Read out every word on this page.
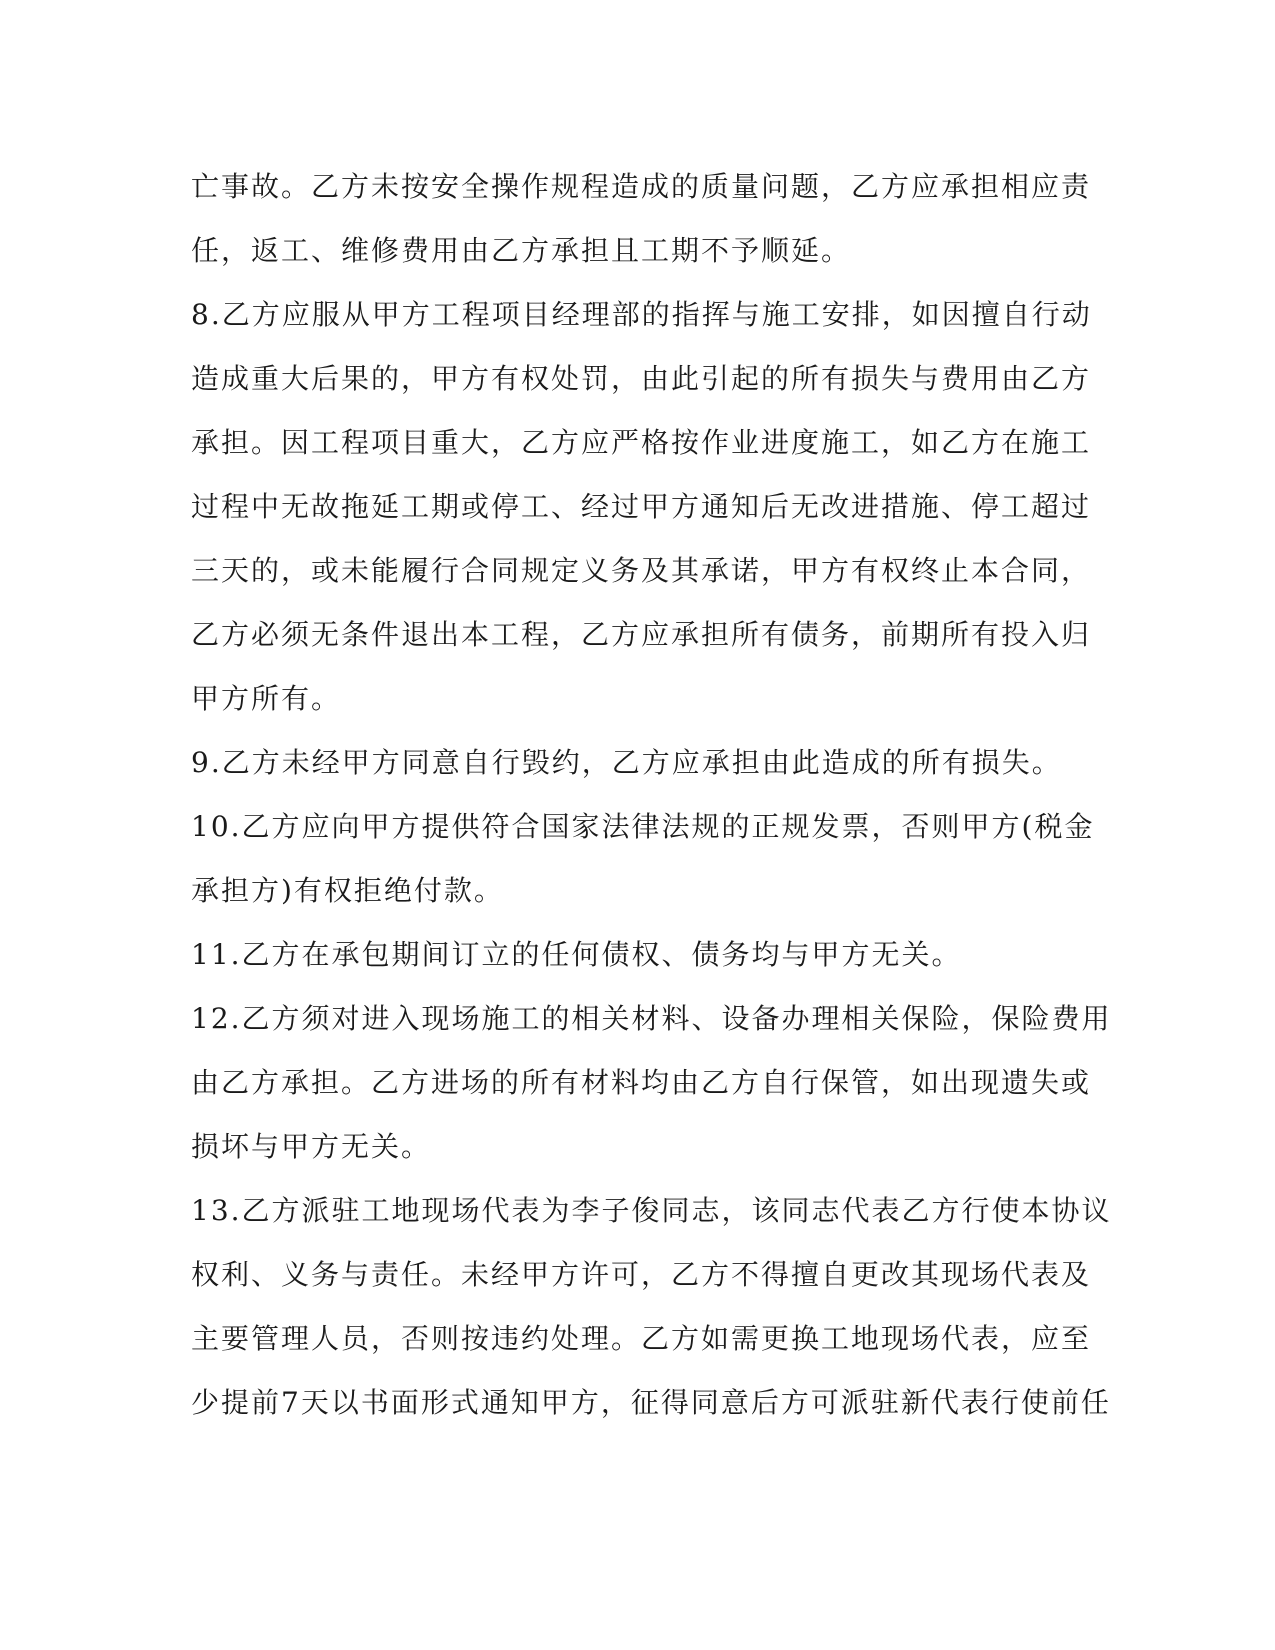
亡事故。乙方未按安全操作规程造成的质量问题，乙方应承担相应责
任，返工、维修费用由乙方承担且工期不予顺延。
8.乙方应服从甲方工程项目经理部的指挥与施工安排，如因擅自行动
造成重大后果的，甲方有权处罚，由此引起的所有损失与费用由乙方
承担。因工程项目重大，乙方应严格按作业进度施工，如乙方在施工
过程中无故拖延工期或停工、经过甲方通知后无改进措施、停工超过
三天的，或未能履行合同规定义务及其承诺，甲方有权终止本合同，
乙方必须无条件退出本工程，乙方应承担所有债务，前期所有投入归
甲方所有。
9.乙方未经甲方同意自行毁约，乙方应承担由此造成的所有损失。
10.乙方应向甲方提供符合国家法律法规的正规发票，否则甲方(税金
承担方)有权拒绝付款。
11.乙方在承包期间订立的任何债权、债务均与甲方无关。
12.乙方须对进入现场施工的相关材料、设备办理相关保险，保险费用
由乙方承担。乙方进场的所有材料均由乙方自行保管，如出现遗失或
损坏与甲方无关。
13.乙方派驻工地现场代表为李子俊同志，该同志代表乙方行使本协议
权利、义务与责任。未经甲方许可，乙方不得擅自更改其现场代表及
主要管理人员，否则按违约处理。乙方如需更换工地现场代表，应至
少提前7天以书面形式通知甲方，征得同意后方可派驻新代表行使前任
